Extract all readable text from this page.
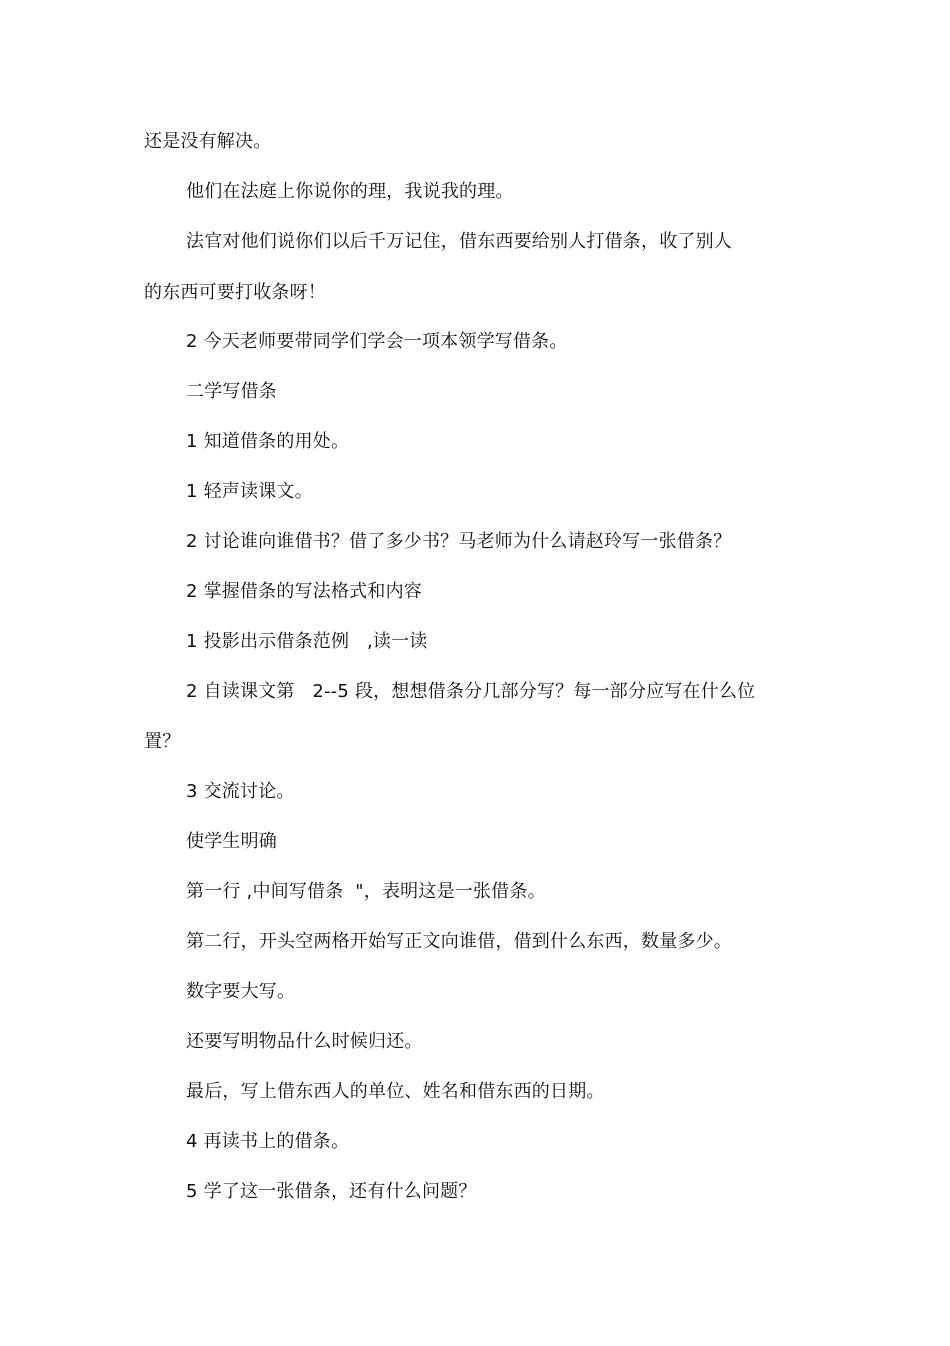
还是没有解决。
他们在法庭上你说你的理，我说我的理。
法官对他们说你们以后千万记住，借东西要给别人打借条，收了别人
的东西可要打收条呀！
2 今天老师要带同学们学会一项本领学写借条。
二学写借条
1 知道借条的用处。
1 轻声读课文。
2 讨论谁向谁借书？借了多少书？马老师为什么请赵玲写一张借条？
2 掌握借条的写法格式和内容
1 投影出示借条范例   ,读一读
2 自读课文第   2--5 段，想想借条分几部分写？每一部分应写在什么位
置？
3 交流讨论。
使学生明确
第一行 ,中间写借条  "，表明这是一张借条。
第二行，开头空两格开始写正文向谁借，借到什么东西，数量多少。
数字要大写。
还要写明物品什么时候归还。
最后，写上借东西人的单位、姓名和借东西的日期。
4 再读书上的借条。
5 学了这一张借条，还有什么问题？
